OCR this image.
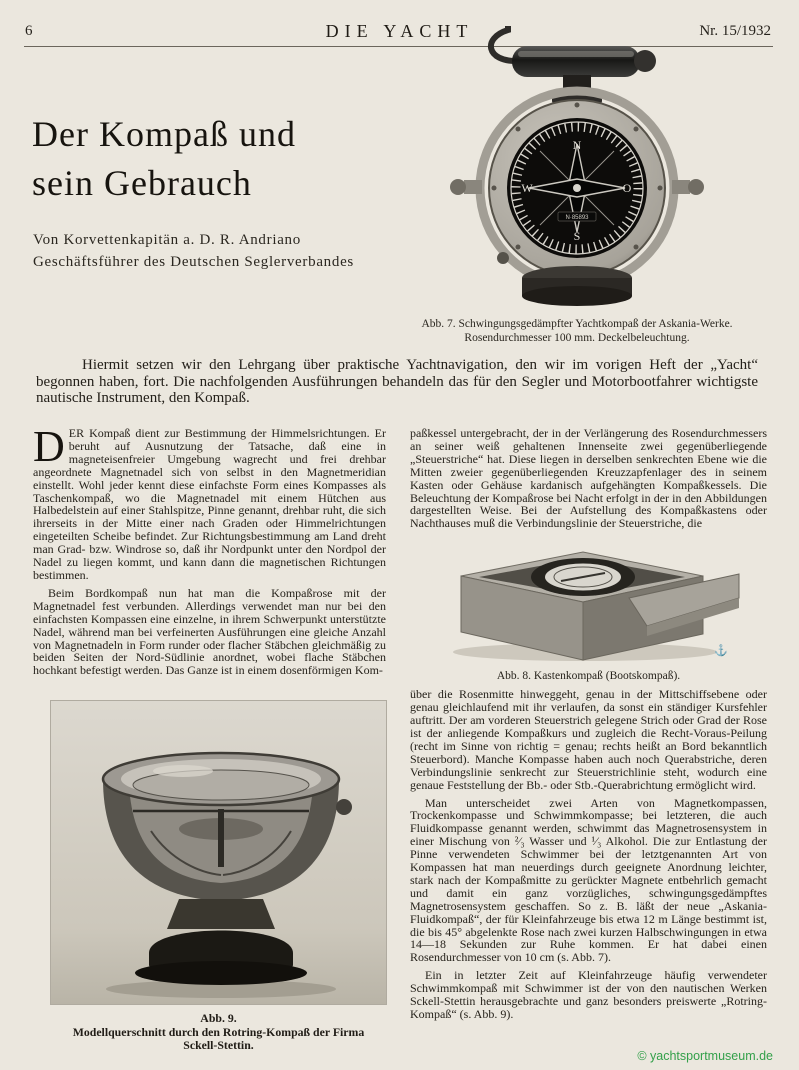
6	DIE YACHT	Nr. 15/1932
Der Kompaß und
sein Gebrauch
Von Korvettenkapitän a. D. R. Andriano
Geschäftsführer des Deutschen Seglerverbandes
N
O
S
W
N·85893
Abb. 7. Schwingungsgedämpfter Yachtkompaß der Askania-Werke.
Rosendurchmesser 100 mm. Deckelbeleuchtung.
Hiermit setzen wir den Lehrgang über praktische Yachtnavigation, den wir im vorigen Heft der „Yacht“ begonnen haben, fort. Die nachfolgenden Ausführungen behandeln das für den Segler und Motorbootfahrer wichtigste nautische Instrument, den Kompaß.

DER Kompaß dient zur Bestimmung der Himmelsrichtungen. Er beruht auf Ausnutzung der Tatsache, daß eine in magneteisenfreier Umgebung wagrecht und frei drehbar angeordnete Magnetnadel sich von selbst in den Magnetmeridian einstellt. Wohl jeder kennt diese einfachste Form eines Kompasses als Taschenkompaß, wo die Magnetnadel mit einem Hütchen aus Halbedelstein auf einer Stahlspitze, Pinne genannt, drehbar ruht, die sich ihrerseits in der Mitte einer nach Graden oder Himmelrichtungen eingeteilten Scheibe befindet. Zur Richtungsbestimmung am Land dreht man Grad- bzw. Windrose so, daß ihr Nordpunkt unter den Nordpol der Nadel zu liegen kommt, und kann dann die magnetischen Richtungen bestimmen.

Beim Bordkompaß nun hat man die Kompaßrose mit der Magnetnadel fest verbunden. Allerdings verwendet man nur bei den einfachsten Kompassen eine einzelne, in ihrem Schwerpunkt unterstützte Nadel, während man bei verfeinerten Ausführungen eine gleiche Anzahl von Magnetnadeln in Form runder oder flacher Stäbchen gleichmäßig zu beiden Seiten der Nord-Südlinie anordnet, wobei flache Stäbchen hochkant befestigt werden. Das Ganze ist in einem dosenförmigen Kom-

paßkessel untergebracht, der in der Verlängerung des Rosendurchmessers an seiner weiß gehaltenen Innenseite zwei gegenüberliegende „Steuerstriche“ hat. Diese liegen in derselben senkrechten Ebene wie die Mitten zweier gegenüberliegenden Kreuzzapfenlager des in seinem Kasten oder Gehäuse kardanisch aufgehängten Kompaßkessels. Die Beleuchtung der Kompaßrose bei Nacht erfolgt in der in den Abbildungen dargestellten Weise. Bei der Aufstellung des Kompaßkastens oder Nachthauses muß die Verbindungslinie der Steuerstriche, die

⚓
Abb. 8. Kastenkompaß (Bootskompaß).

über die Rosenmitte hinweggeht, genau in der Mittschiffsebene oder genau gleichlaufend mit ihr verlaufen, da sonst ein ständiger Kursfehler auftritt. Der am vorderen Steuerstrich gelegene Strich oder Grad der Rose ist der anliegende Kompaßkurs und zugleich die Recht-Voraus-Peilung (recht im Sinne von richtig = genau; rechts heißt an Bord bekanntlich Steuerbord). Manche Kompasse haben auch noch Querabstriche, deren Verbindungslinie senkrecht zur Steuerstrichlinie steht, wodurch eine genaue Feststellung der Bb.- oder Stb.-Querabrichtung ermöglicht wird.

Man unterscheidet zwei Arten von Magnetkompassen, Trockenkompasse und Schwimmkompasse; bei letzteren, die auch Fluidkompasse genannt werden, schwimmt das Magnetrosensystem in einer Mischung von ²⁄₃ Wasser und ¹⁄₃ Alkohol. Die zur Entlastung der Pinne verwendeten Schwimmer bei der letztgenannten Art von Kompassen hat man neuerdings durch geeignete Anordnung leichter, stark nach der Kompaßmitte zu gerückter Magnete entbehrlich gemacht und damit ein ganz vorzügliches, schwingungsgedämpftes Magnetrosensystem geschaffen. So z. B. läßt der neue „Askania-Fluidkompaß“, der für Kleinfahrzeuge bis etwa 12 m Länge bestimmt ist, die bis 45° abgelenkte Rose nach zwei kurzen Halbschwingungen in etwa 14—18 Sekunden zur Ruhe kommen. Er hat dabei einen Rosendurchmesser von 10 cm (s. Abb. 7).

Ein in letzter Zeit auf Kleinfahrzeuge häufig verwendeter Schwimmkompaß mit Schwimmer ist der von den nautischen Werken Sckell-Stettin herausgebrachte und ganz besonders preiswerte „Rotring-Kompaß“ (s. Abb. 9).

Abb. 9.
Modellquerschnitt durch den Rotring-Kompaß der Firma
Sckell-Stettin.
© yachtsportmuseum.de
